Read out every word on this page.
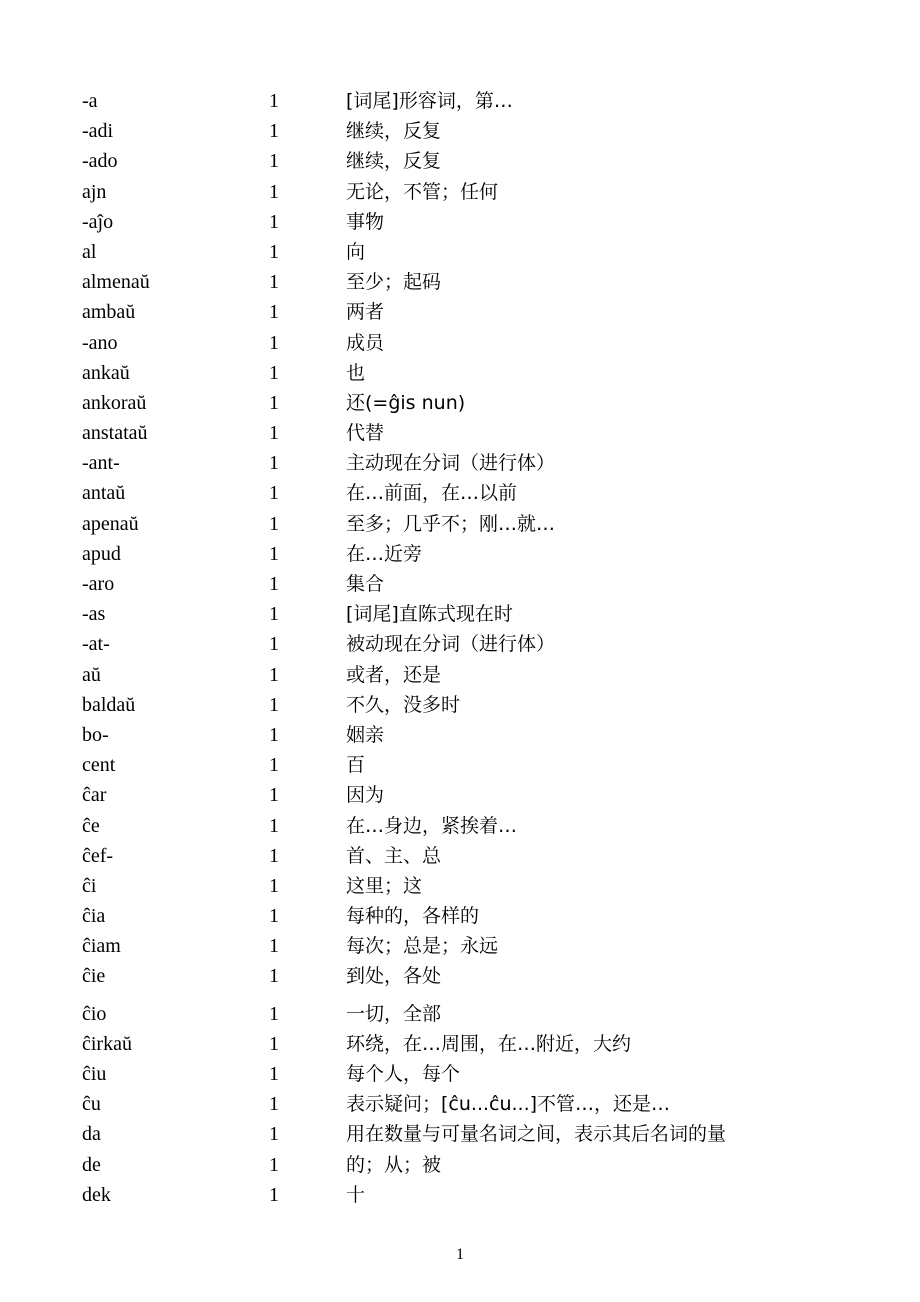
-a	1	[词尾]形容词，第…
-adi	1	继续，反复
-ado	1	继续，反复
ajn	1	无论，不管；任何
-aĵo	1	事物
al	1	向
almenaŭ	1	至少；起码
ambaŭ	1	两者
-ano	1	成员
ankaŭ	1	也
ankoraŭ	1	还(=ĝis nun)
anstataŭ	1	代替
-ant-	1	主动现在分词（进行体）
antaŭ	1	在…前面，在…以前
apenaŭ	1	至多；几乎不；刚…就…
apud	1	在…近旁
-aro	1	集合
-as	1	[词尾]直陈式现在时
-at-	1	被动现在分词（进行体）
aŭ	1	或者，还是
baldaŭ	1	不久，没多时
bo-	1	姻亲
cent	1	百
ĉar	1	因为
ĉe	1	在…身边，紧挨着…
ĉef-	1	首、主、总
ĉi	1	这里；这
ĉia	1	每种的，各样的
ĉiam	1	每次；总是；永远
ĉie	1	到处，各处
ĉio	1	一切，全部
ĉirkaŭ	1	环绕，在…周围，在…附近，大约
ĉiu	1	每个人，每个
ĉu	1	表示疑问；[ĉu...ĉu...]不管…，还是…
da	1	用在数量与可量名词之间，表示其后名词的量
de	1	的；从；被
dek	1	十
1
